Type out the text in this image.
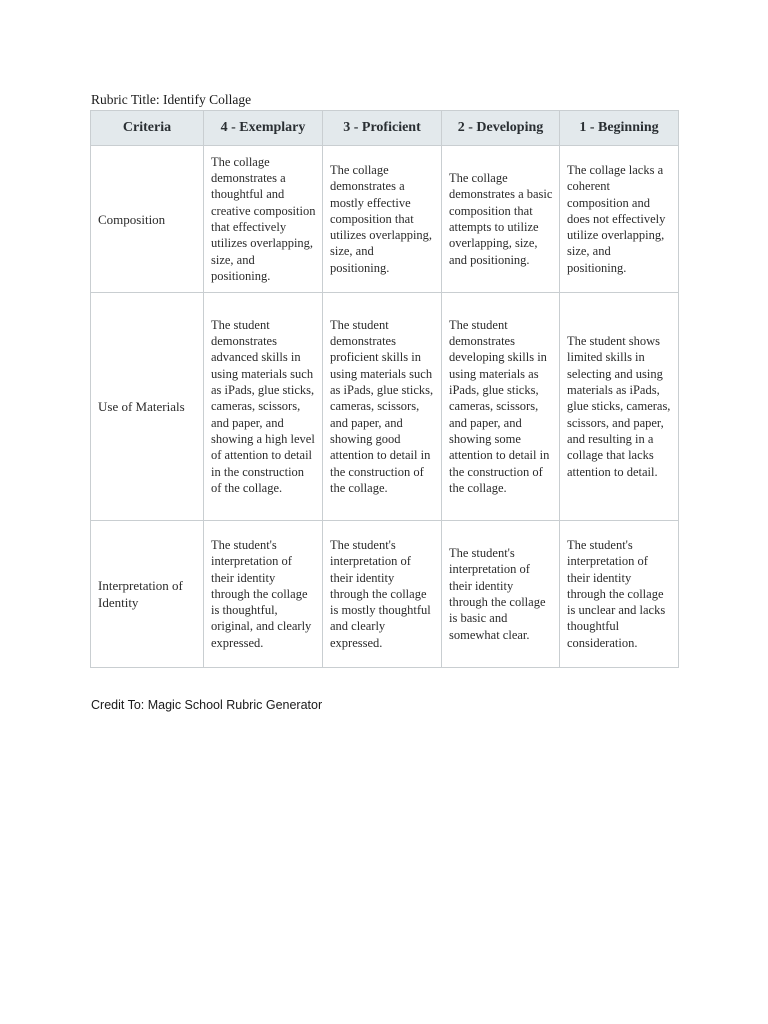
Rubric Title: Identify Collage
Criteria	4 - Exemplary	3 - Proficient	2 - Developing	1 - Beginning
Composition	The collage demonstrates a thoughtful and creative composition that effectively utilizes overlapping, size, and positioning.	The collage demonstrates a mostly effective composition that utilizes overlapping, size, and positioning.	The collage demonstrates a basic composition that attempts to utilize overlapping, size, and positioning.	The collage lacks a coherent composition and does not effectively utilize overlapping, size, and positioning.
Use of Materials	The student demonstrates advanced skills in using materials such as iPads, glue sticks, cameras, scissors, and paper, and showing a high level of attention to detail in the construction of the collage.	The student demonstrates proficient skills in using materials such as iPads, glue sticks, cameras, scissors, and paper, and showing good attention to detail in the construction of the collage.	The student demonstrates developing skills in using materials as iPads, glue sticks, cameras, scissors, and paper, and showing some attention to detail in the construction of the collage.	The student shows limited skills in selecting and using materials as iPads, glue sticks, cameras, scissors, and paper, and resulting in a collage that lacks attention to detail.
Interpretation of Identity	The student's interpretation of their identity through the collage is thoughtful, original, and clearly expressed.	The student's interpretation of their identity through the collage is mostly thoughtful and clearly expressed.	The student's interpretation of their identity through the collage is basic and somewhat clear.	The student's interpretation of their identity through the collage is unclear and lacks thoughtful consideration.
Credit To: Magic School Rubric Generator
